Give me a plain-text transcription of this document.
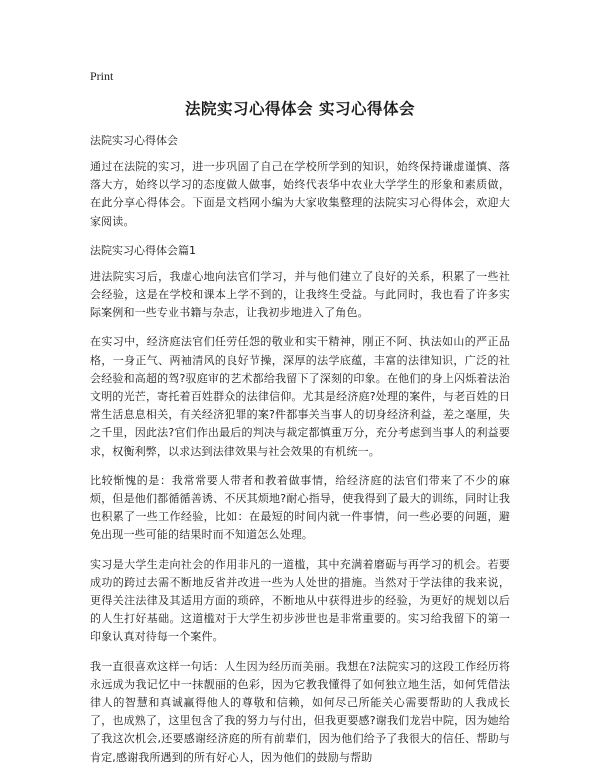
Print
法院实习心得体会 实习心得体会
法院实习心得体会

通过在法院的实习，进一步巩固了自己在学校所学到的知识，始终保持谦虚谨慎、落落大方，始终以学习的态度做人做事，始终代表华中农业大学学生的形象和素质做，在此分享心得体会。下面是文档网小编为大家收集整理的法院实习心得体会，欢迎大家阅读。

法院实习心得体会篇1

进法院实习后，我虚心地向法官们学习，并与他们建立了良好的关系，积累了一些社会经验，这是在学校和课本上学不到的，让我终生受益。与此同时，我也看了许多实际案例和一些专业书籍与杂志，让我初步地进入了角色。

在实习中，经济庭法官们任劳任怨的敬业和实干精神，刚正不阿、执法如山的严正品格，一身正气、两袖清风的良好节操，深厚的法学底蕴，丰富的法律知识，广泛的社会经验和高超的驾?驭庭审的艺术都给我留下了深刻的印象。在他们的身上闪烁着法治文明的光芒，寄托着百姓群众的法律信仰。尤其是经济庭?处理的案件，与老百姓的日常生活息息相关，有关经济犯罪的案?件都事关当事人的切身经济利益，差之毫厘，失之千里，因此法?官们作出最后的判决与裁定都慎重万分，充分考虑到当事人的利益要求，权衡利弊，以求达到法律效果与社会效果的有机统一。

比较惭愧的是：我常常要人带者和教着做事情，给经济庭的法官们带来了不少的麻烦，但是他们都循循善诱、不厌其烦地?耐心指导，使我得到了最大的训练，同时让我也积累了一些工作经验，比如：在最短的时间内就一件事情，问一些必要的问题，避免出现一些可能的结果时而不知道怎么处理。

实习是大学生走向社会的作用非凡的一道槛，其中充满着磨砺与再学习的机会。若要成功的跨过去需不断地反省并改进一些为人处世的措施。当然对于学法律的我来说，更得关注法律及其适用方面的琐碎，不断地从中获得进步的经验，为更好的规划以后的人生打好基础。这道槛对于大学生初步涉世也是非常重要的。实习给我留下的第一印象认真对待每一个案件。

我一直很喜欢这样一句话：人生因为经历而美丽。我想在?法院实习的这段工作经历将永远成为我记忆中一抹靓丽的色彩，因为它教我懂得了如何独立地生活，如何凭借法律人的智慧和真诚赢得他人的尊敬和信赖，如何尽己所能关心需要帮助的人我成长了，也成熟了，这里包含了我的努力与付出，但我更要感?谢我们龙岩中院，因为她给了我这次机会,还要感谢经济庭的所有前辈们，因为他们给予了我很大的信任、帮助与肯定,感谢我所遇到的所有好心人，因为他们的鼓励与帮助
